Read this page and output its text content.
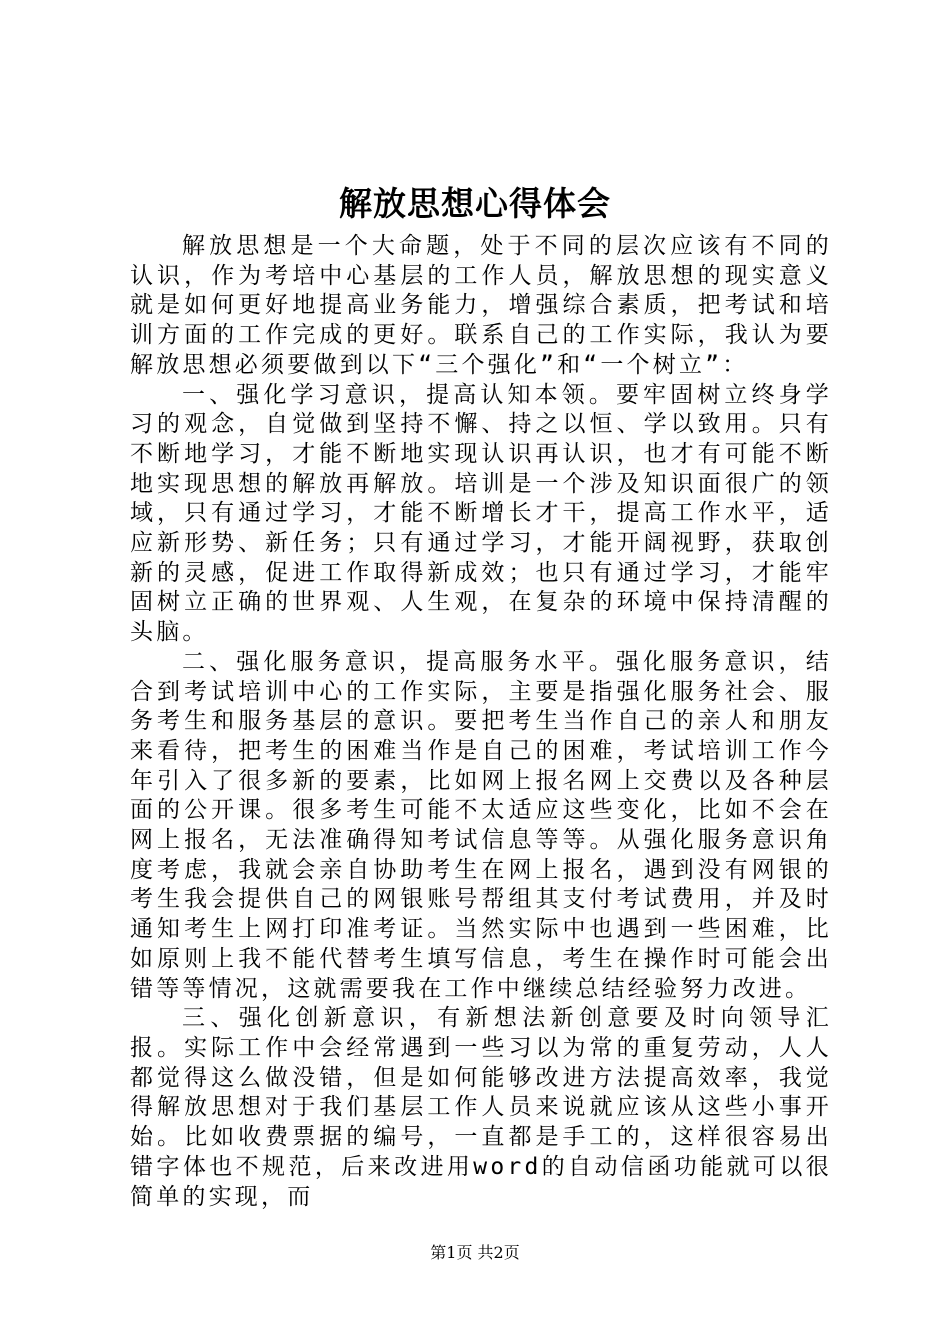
解放思想心得体会

解放思想是一个大命题，处于不同的层次应该有不同的认识，作为考培中心基层的工作人员，解放思想的现实意义就是如何更好地提高业务能力，增强综合素质，把考试和培训方面的工作完成的更好。联系自己的工作实际，我认为要解放思想必须要做到以下“三个强化”和“一个树立”：

一、强化学习意识，提高认知本领。要牢固树立终身学习的观念，自觉做到坚持不懈、持之以恒、学以致用。只有不断地学习，才能不断地实现认识再认识，也才有可能不断地实现思想的解放再解放。培训是一个涉及知识面很广的领域，只有通过学习，才能不断增长才干，提高工作水平，适应新形势、新任务；只有通过学习，才能开阔视野，获取创新的灵感，促进工作取得新成效；也只有通过学习，才能牢固树立正确的世界观、人生观，在复杂的环境中保持清醒的头脑。

二、强化服务意识，提高服务水平。强化服务意识，结合到考试培训中心的工作实际，主要是指强化服务社会、服务考生和服务基层的意识。要把考生当作自己的亲人和朋友来看待，把考生的困难当作是自己的困难，考试培训工作今年引入了很多新的要素，比如网上报名网上交费以及各种层面的公开课。很多考生可能不太适应这些变化，比如不会在网上报名，无法准确得知考试信息等等。从强化服务意识角度考虑，我就会亲自协助考生在网上报名，遇到没有网银的考生我会提供自己的网银账号帮组其支付考试费用，并及时通知考生上网打印准考证。当然实际中也遇到一些困难，比如原则上我不能代替考生填写信息，考生在操作时可能会出错等等情况，这就需要我在工作中继续总结经验努力改进。

三、强化创新意识，有新想法新创意要及时向领导汇报。实际工作中会经常遇到一些习以为常的重复劳动，人人都觉得这么做没错，但是如何能够改进方法提高效率，我觉得解放思想对于我们基层工作人员来说就应该从这些小事开始。比如收费票据的编号，一直都是手工的，这样很容易出错字体也不规范，后来改进用word的自动信函功能就可以很简单的实现，而

第1页 共2页
